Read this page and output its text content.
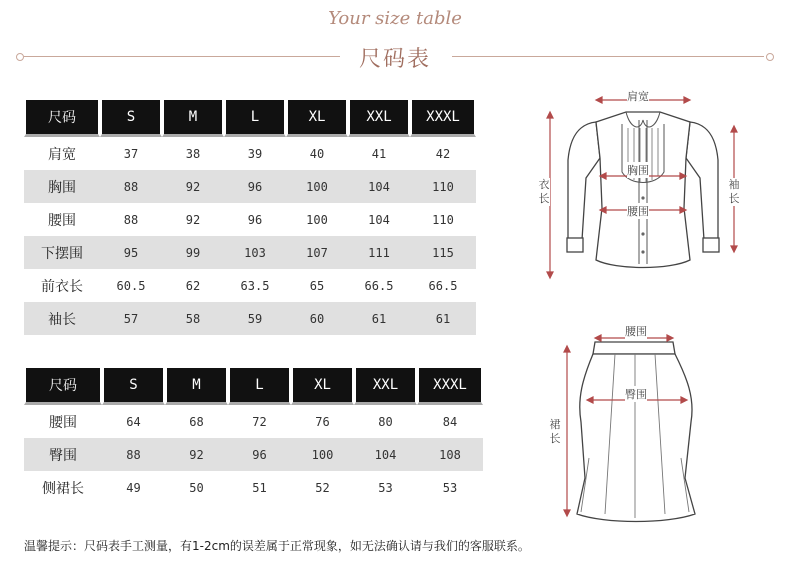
Your size table
尺码表
尺码	S	M	L	XL	XXL	XXXL
肩宽	37	38	39	40	41	42
胸围	88	92	96	100	104	110
腰围	88	92	96	100	104	110
下摆围	95	99	103	107	111	115
前衣长	60.5	62	63.5	65	66.5	66.5
袖长	57	58	59	60	61	61
尺码	S	M	L	XL	XXL	XXXL
腰围	64	68	72	76	80	84
臀围	88	92	96	100	104	108
侧裙长	49	50	51	52	53	53
肩宽
胸围
腰围
衣长
袖长
腰围
臀围
裙长
温馨提示：尺码表手工测量，有1-2cm的误差属于正常现象，如无法确认请与我们的客服联系。
